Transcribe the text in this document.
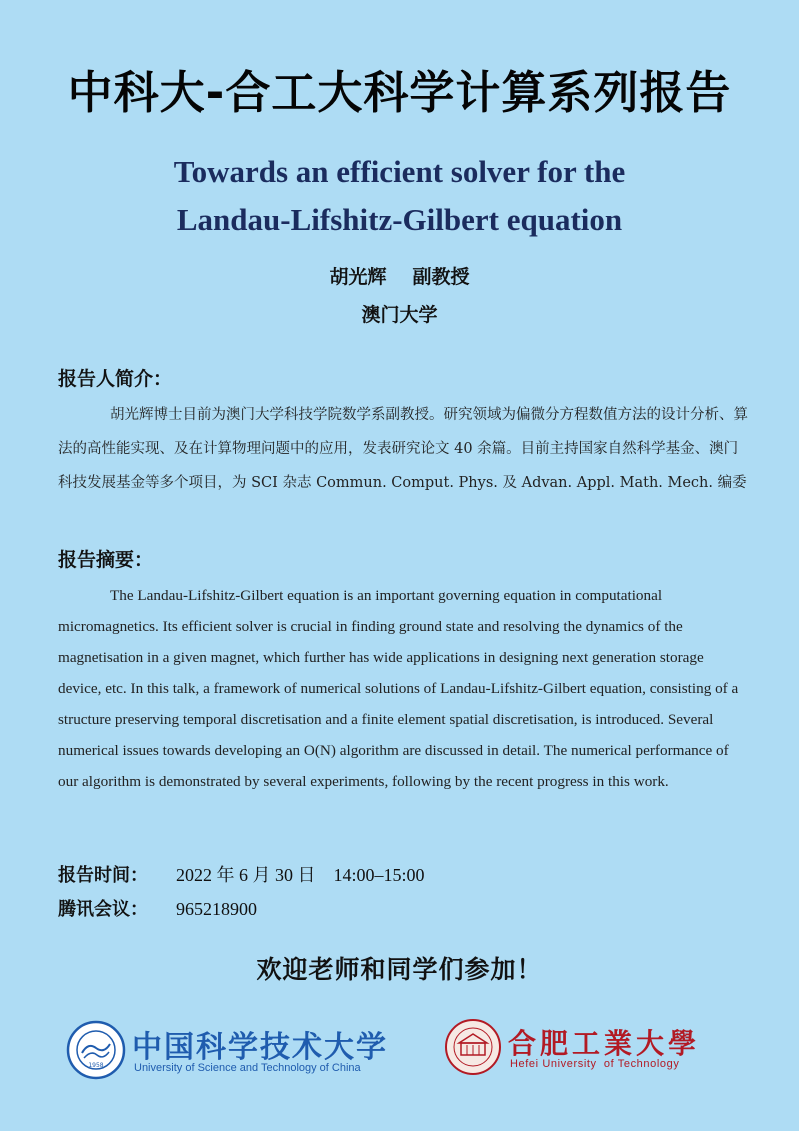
中科大-合工大科学计算系列报告
Towards an efficient solver for the
Landau-Lifshitz-Gilbert equation
胡光辉 副教授
澳门大学
报告人简介：
胡光辉博士目前为澳门大学科技学院数学系副教授。研究领域为偏微分方程数值方法的设计分析、算法的高性能实现、及在计算物理问题中的应用，发表研究论文 40 余篇。目前主持国家自然科学基金、澳门科技发展基金等多个项目，为 SCI 杂志 Commun. Comput. Phys. 及 Advan. Appl. Math. Mech. 编委
报告摘要：
The Landau-Lifshitz-Gilbert equation is an important governing equation in computational micromagnetics. Its efficient solver is crucial in finding ground state and resolving the dynamics of the magnetisation in a given magnet, which further has wide applications in designing next generation storage device, etc. In this talk, a framework of numerical solutions of Landau-Lifshitz-Gilbert equation, consisting of a structure preserving temporal discretisation and a finite element spatial discretisation, is introduced. Several numerical issues towards developing an O(N) algorithm are discussed in detail. The numerical performance of our algorithm is demonstrated by several experiments, following by the recent progress in this work.
报告时间： 2022 年 6 月 30 日    14:00–15:00
腾讯会议： 965218900
欢迎老师和同学们参加！
1958
中国科学技术大学
University of Science and Technology of China
合肥工業大學
Hefei University  of Technology
